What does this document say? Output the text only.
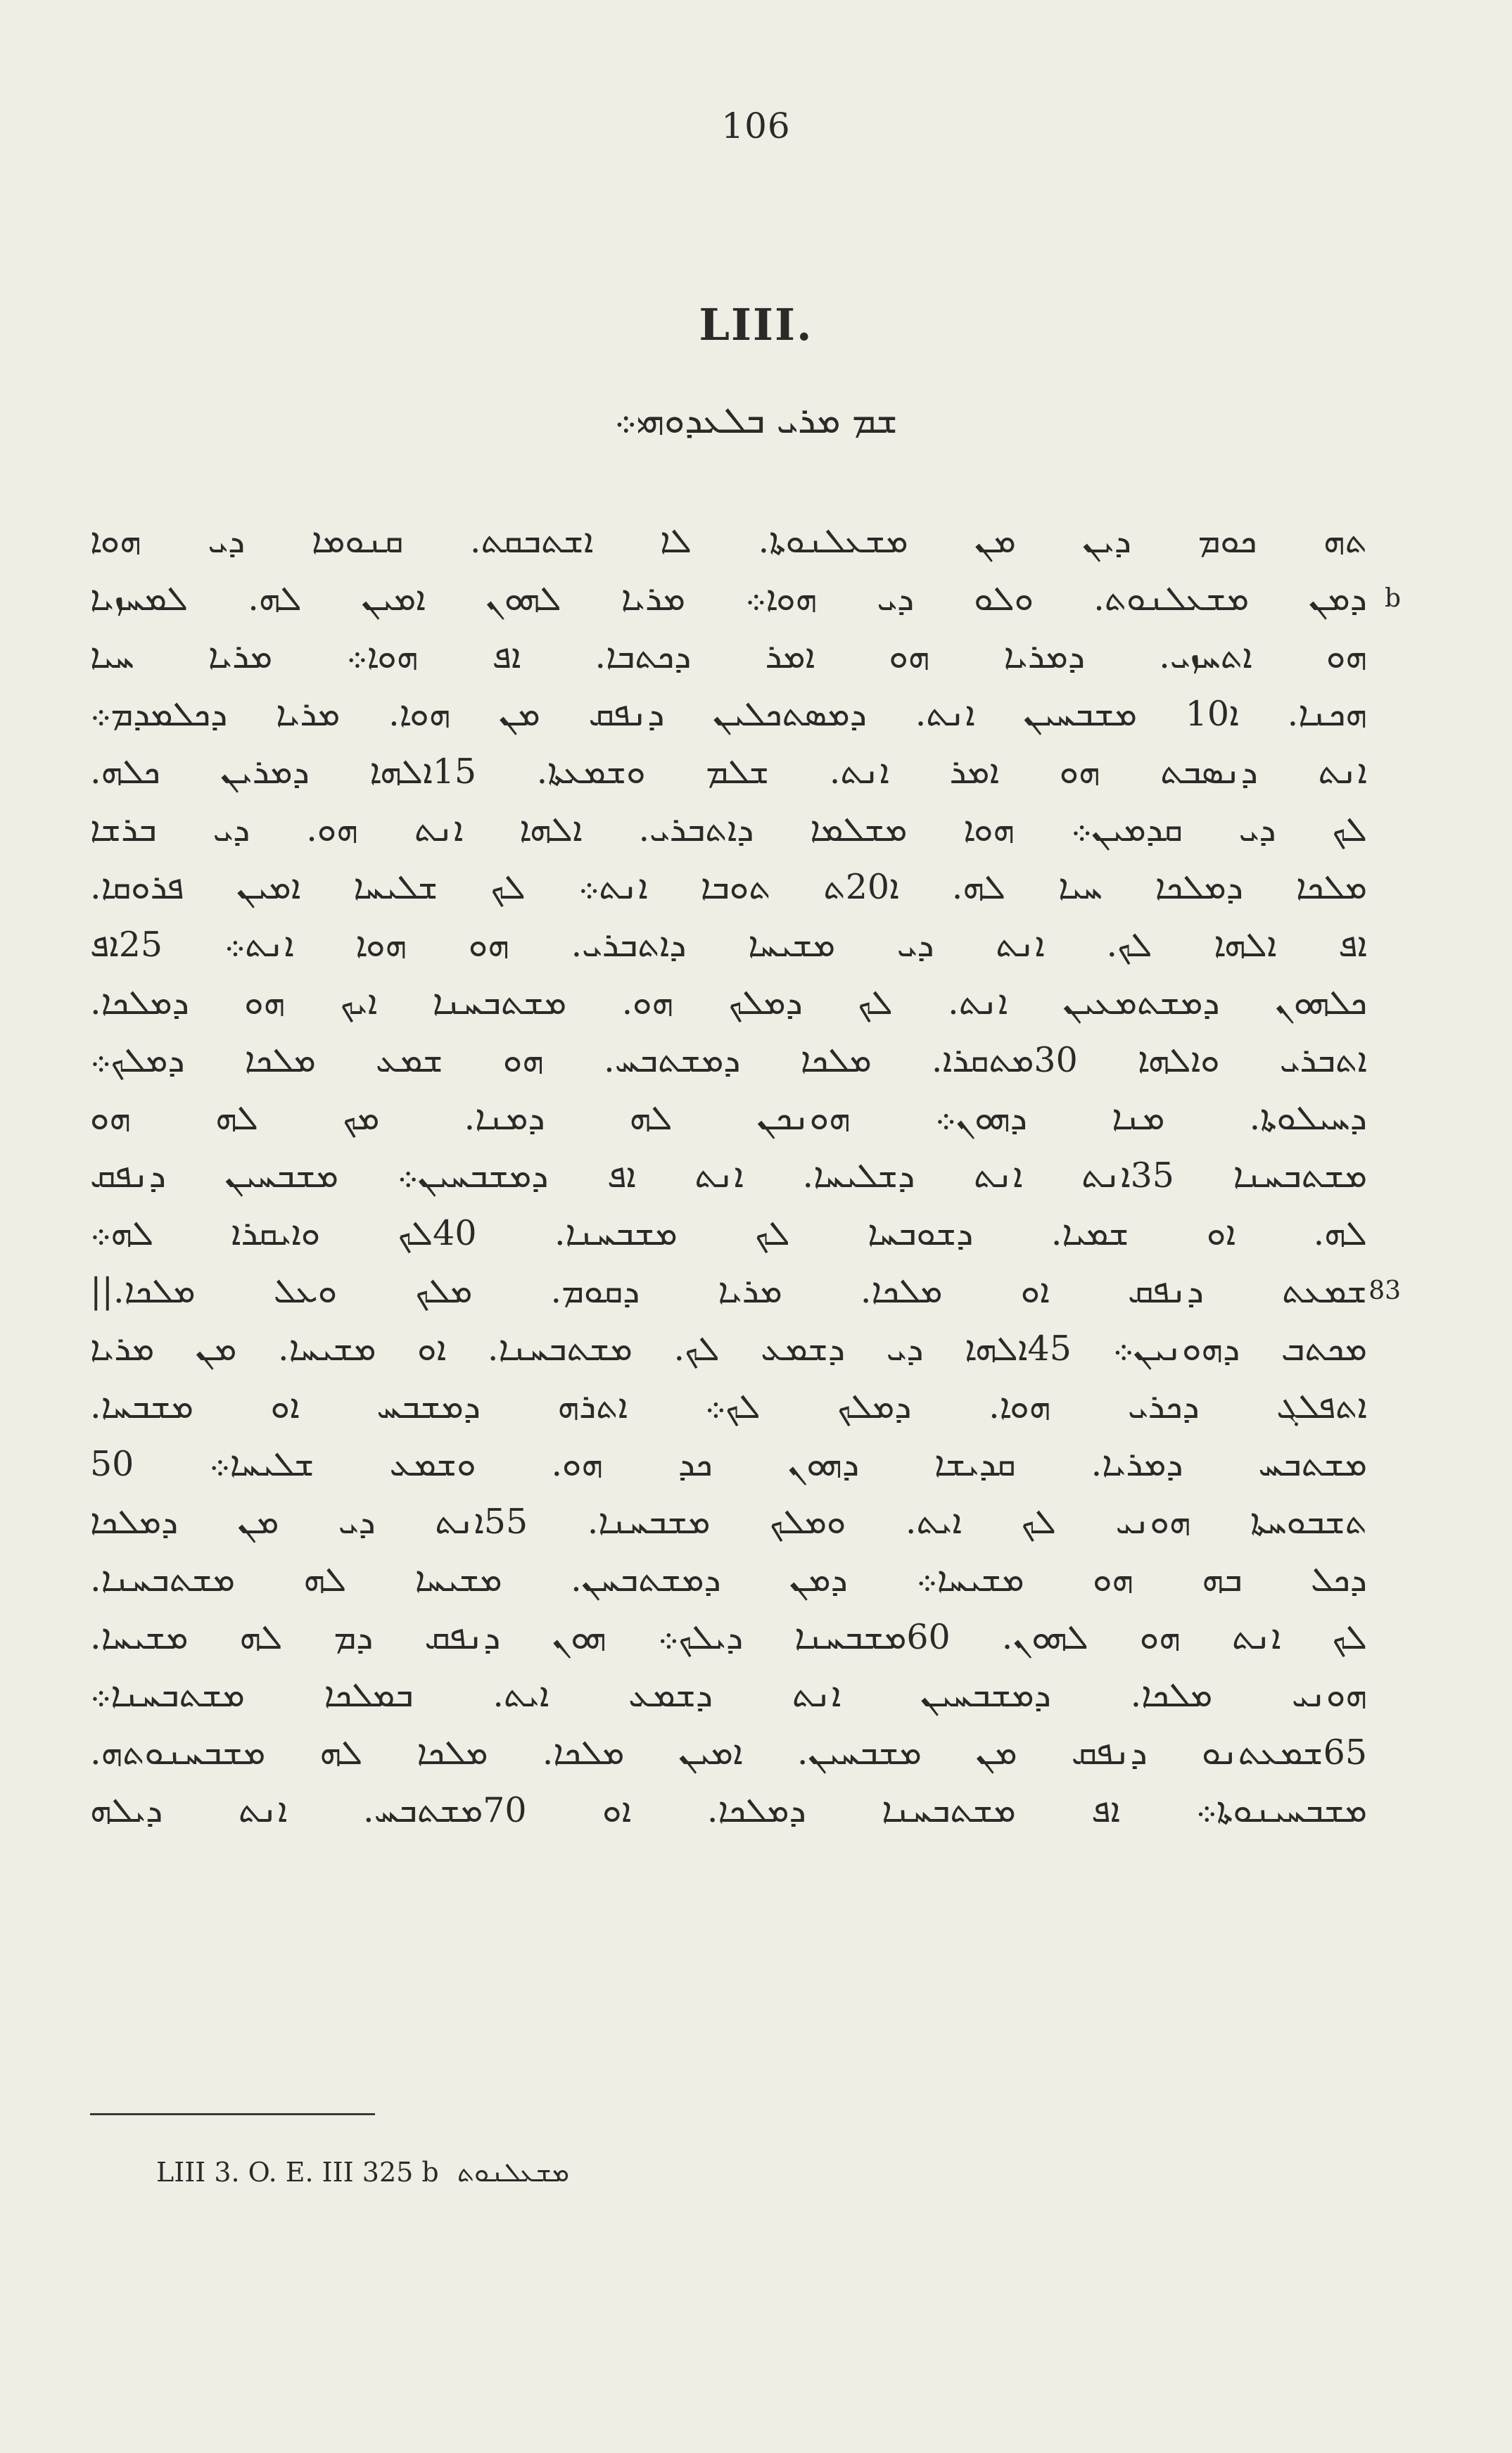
106
LIII.
ܫܡ ܡܪܝ ܒܠܥܕܘܗܝ܀
ܬܗ ܟܘܡ ܕܝܢ ܡܢ ܡܫܥܠܢܘܬܐ. ܠܐ ܐܫܬܒܩܬ. ܩܢܘܡܐ ܕܝ ܗܘܐ
ܕܡܢ ܡܫܥܠܢܘܬ. ܘܠܘ ܕܝ ܗܘܐ܀ ܡܪܝܐ ܠܗܘܢ ܐܡܝܢ ܠܗ. ܠܡܚܙܝܐ b
ܗܘ ܐܬܚܙܝ. ܕܡܪܝܐ ܗܘ ܐܡܪ ܕܟܬܒܐ. ܐܦ ܗܘܐ܀ ܡܪܝܐ ܚܝܐ
ܗܟܢܐ. ܐ10 ܡܫܒܚܝܢ ܐܢܬ. ܕܡܣܬܟܠܝܢ ܕܢܦܩ ܡܢ ܗܘܐ. ܡܪܝܐ ܕܟܠܡܕܡ܀
ܐܢܬ ܕܢܣܒܬ ܗܘ ܐܡܪ ܐܢܬ. ܫܠܡ ܘܫܡܥܬܐ. 15ܐܠܗܐ ܕܡܪܝܢ ܟܠܗ.
ܠܟ ܕܝ ܩܕܡܝܢ܀ ܗܘܐ ܡܫܠܡܐ ܕܐܬܒܪܝ. ܐܠܗܐ ܐܢܬ ܗܘ. ܕܝ ܒܪܫܐ
ܡܠܟܐ ܕܡܠܟܐ ܚܝܐ ܠܗ. ܐ20ܬ ܬܘܒܐ ܐܢܬ܀ ܠܟ ܫܠܝܚܐ ܐܡܝܢ ܦܪܘܩܐ.
ܐܦ ܐܠܗܐ ܠܟ. ܐܢܬ ܕܝ ܡܫܝܚܐ ܕܐܬܒܪܝ. ܗܘ ܗܘܐ ܐܢܬ܀ 25ܐܦ
ܟܠܗܘܢ ܕܡܫܬܡܥܝܢ ܐܢܬ. ܠܟ ܕܡܠܟ ܗܘ. ܡܫܬܒܚܢܐ ܐܝܟ ܗܘ ܕܡܠܟܐ.
ܐܬܒܪܝ ܘܐܠܗܐ 30ܡܬܩܪܐ. ܡܠܟܐ ܕܡܫܬܒܚ. ܗܘ ܫܡܥ ܡܠܟܐ ܕܡܠܟ܀
ܕܚܝܠܘܬܐ. ܡܢܐ ܕܗܘܢ܀ ܗܘܢܟܢ ܠܗ ܕܡܢܐ. ܡܟ ܠܗ ܗܘ
ܡܫܬܒܚܢܐ 35ܐܢܬ ܐܢܬ ܕܫܠܝܚܐ. ܐܢܬ ܐܦ ܕܡܫܒܚܝܢ܀ ܡܫܒܚܝܢ ܕܢܦܩ
ܠܗ. ܐܘ ܫܡܝܐ. ܕܫܘܒܚܐ ܠܟ ܡܫܒܚܢܐ. 40ܠܟ ܘܐܝܩܪܐ ܠܗ܀
ܫܡܥܬ ܕܢܦܩ ܐܘ ܡܠܟܐ. ܡܪܝܐ ܕܩܘܡ. ܡܠܟ ܘܥܠ ܡܠܟܐ.|| 83
ܡܟܬܒ ܕܗܘܢܝܢ܀ 45ܐܠܗܐ ܕܝ ܕܫܡܥ ܠܟ. ܡܫܬܒܚܢܐ. ܐܘ ܡܫܝܚܐ. ܡܢ ܡܪܝܐ
ܐܬܦܠܓ ܕܟܪܝ ܗܘܐ. ܕܡܠܟ ܠܟ܀ ܐܬܪܗ ܕܡܫܒܚ ܐܘ ܡܫܒܚܐ.
ܡܫܬܒܚ ܕܡܪܝܐ. ܩܕܝܫܐ ܕܗܘܢ ܟܕ ܗܘ. ܘܫܡܥ ܫܠܝܚܐ܀ 50
ܬܫܒܘܚܬܐ ܗܘܢܝ ܠܟ ܐܝܬ. ܘܡܠܟ ܡܫܒܚܢܐ. 55ܐܢܬ ܕܝ ܡܢ ܕܡܠܟܐ
ܕܟܠ ܒܗ ܗܘ ܡܫܝܚܐ܀ ܕܡܢ ܕܡܫܬܒܚܢ. ܡܫܝܚܐ ܠܗ ܡܫܬܒܚܢܐ.
ܠܟ ܐܢܬ ܗܘ ܠܗܘܢ. 60ܡܫܒܚܢܐ ܕܝܠܟ܀ ܗܘܢ ܕܢܦܩ ܕܡ ܠܗ ܡܫܝܚܐ.
ܗܘܢܝ ܡܠܟܐ. ܕܡܫܒܚܝܢ ܐܢܬ ܕܫܡܥ ܐܝܬ. ܒܡܠܟܐ ܡܫܬܒܚܢܐ܀
65ܫܡܥܬܢܘ ܕܢܦܩ ܡܢ ܡܫܒܚܝܢ. ܐܡܝܢ ܡܠܟܐ. ܡܠܟܐ ܠܗ ܡܫܒܚܢܘܬܗ.
ܡܫܒܚܝܢܘܬܐ܀ ܐܦ ܡܫܬܒܚܢܐ ܕܡܠܟܐ. ܐܘ 70ܡܫܬܒܚ. ܐܢܬ ܕܝܠܗ
LIII 3. O. E. III 325 b ܡܫܥܠܢܘܬ
